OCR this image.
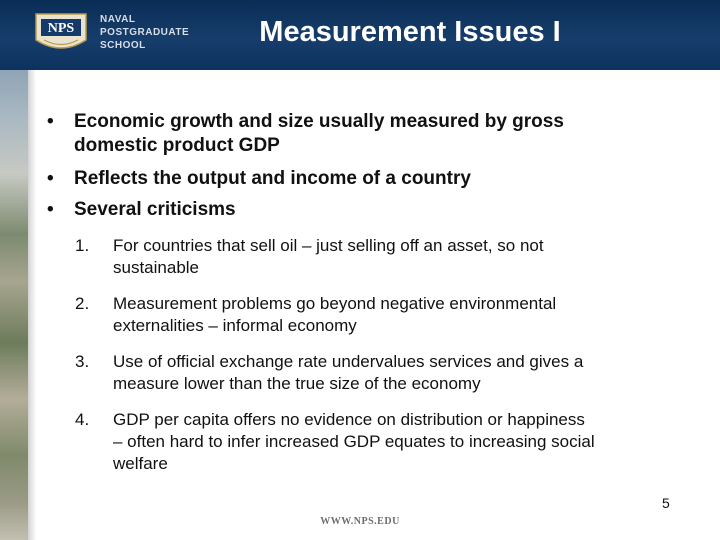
NPS
NAVAL
POSTGRADUATE
SCHOOL	Measurement Issues I
• Economic growth and size usually measured by gross
domestic product GDP
• Reflects the output and income of a country
• Several criticisms
1. For countries that sell oil – just selling off an asset, so not
sustainable
2. Measurement problems go beyond negative environmental
externalities – informal economy
3. Use of official exchange rate undervalues services and gives a
measure lower than the true size of the economy
4. GDP per capita offers no evidence on distribution or happiness
– often hard to infer increased GDP equates to increasing social
welfare
5
WWW.NPS.EDU
